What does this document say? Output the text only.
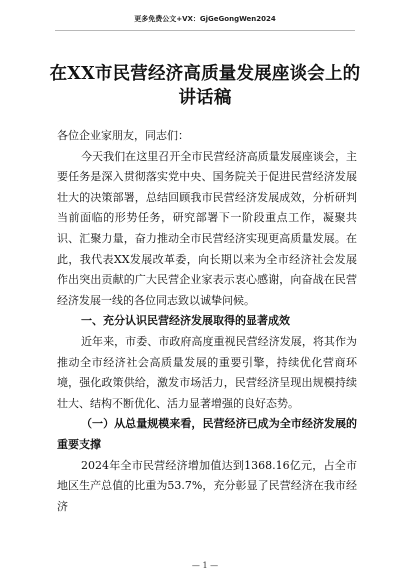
更多免费公文+VX：GjGeGongWen2024
在XX市民营经济高质量发展座谈会上的
讲话稿

各位企业家朋友，同志们：

今天我们在这里召开全市民营经济高质量发展座谈会，主要任务是深入贯彻落实党中央、国务院关于促进民营经济发展壮大的决策部署，总结回顾我市民营经济发展成效，分析研判当前面临的形势任务，研究部署下一阶段重点工作，凝聚共识、汇聚力量，奋力推动全市民营经济实现更高质量发展。在此，我代表XX发展改革委，向长期以来为全市经济社会发展作出突出贡献的广大民营企业家表示衷心感谢，向奋战在民营经济发展一线的各位同志致以诚挚问候。

一、充分认识民营经济发展取得的显著成效

近年来，市委、市政府高度重视民营经济发展，将其作为推动全市经济社会高质量发展的重要引擎，持续优化营商环境，强化政策供给，激发市场活力，民营经济呈现出规模持续壮大、结构不断优化、活力显著增强的良好态势。

（一）从总量规模来看，民营经济已成为全市经济发展的重要支撑

2024年全市民营经济增加值达到1368.16亿元，占全市地区生产总值的比重为53.7%，充分彰显了民营经济在我市经济

— 1 —
